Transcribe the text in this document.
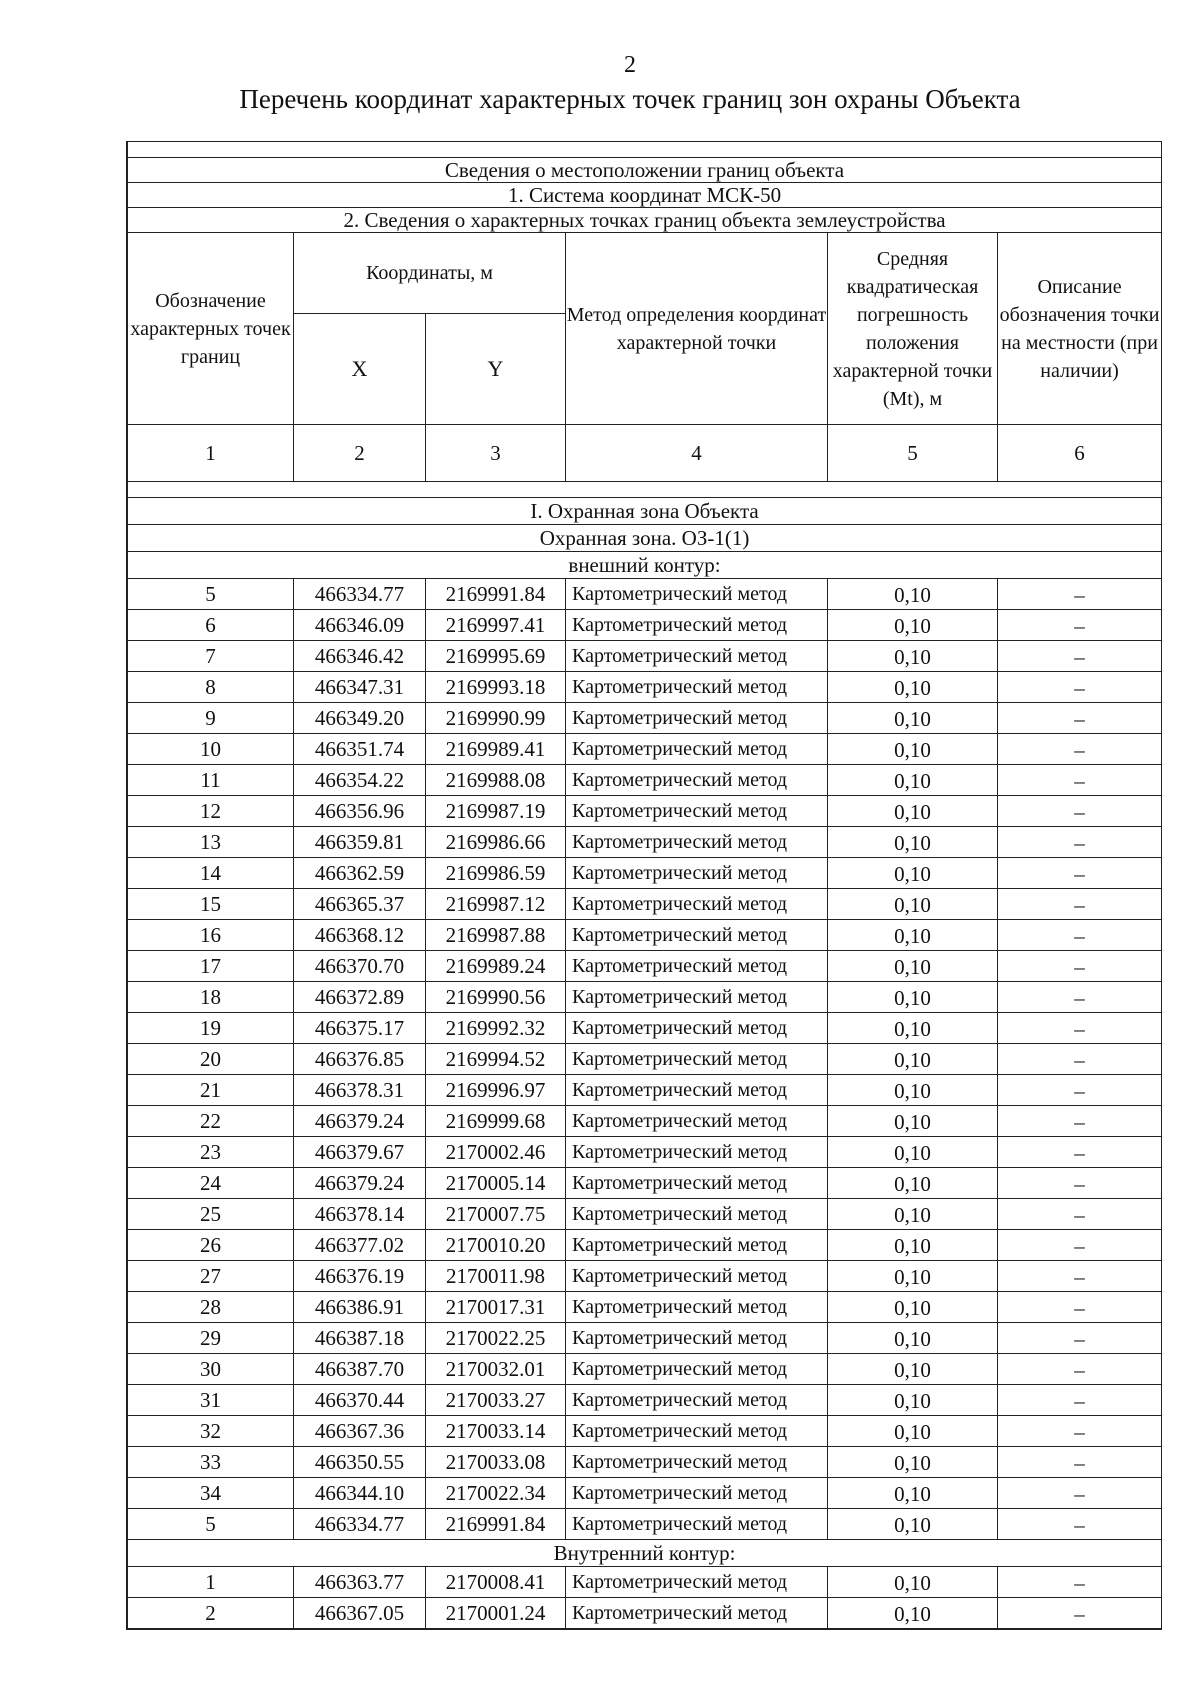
2
Перечень координат характерных точек границ зон охраны Объекта

Сведения о местоположении границ объекта					
1. Система координат МСК-50					
2. Сведения о характерных точках границ объекта землеустройства					
Обозначение характерных точек границ	Координаты, м		Метод определения координат характерной точки	Средняя квадратическая погрешность положения характерной точки (Mt), м	Описание обозначения точки на местности (при наличии)
	X	Y			
1	2	3	4	5	6

I. Охранная зона Объекта					
Охранная зона. ОЗ-1(1)					
внешний контур:					
5	466334.77	2169991.84	Картометрический метод	0,10	–
6	466346.09	2169997.41	Картометрический метод	0,10	–
7	466346.42	2169995.69	Картометрический метод	0,10	–
8	466347.31	2169993.18	Картометрический метод	0,10	–
9	466349.20	2169990.99	Картометрический метод	0,10	–
10	466351.74	2169989.41	Картометрический метод	0,10	–
11	466354.22	2169988.08	Картометрический метод	0,10	–
12	466356.96	2169987.19	Картометрический метод	0,10	–
13	466359.81	2169986.66	Картометрический метод	0,10	–
14	466362.59	2169986.59	Картометрический метод	0,10	–
15	466365.37	2169987.12	Картометрический метод	0,10	–
16	466368.12	2169987.88	Картометрический метод	0,10	–
17	466370.70	2169989.24	Картометрический метод	0,10	–
18	466372.89	2169990.56	Картометрический метод	0,10	–
19	466375.17	2169992.32	Картометрический метод	0,10	–
20	466376.85	2169994.52	Картометрический метод	0,10	–
21	466378.31	2169996.97	Картометрический метод	0,10	–
22	466379.24	2169999.68	Картометрический метод	0,10	–
23	466379.67	2170002.46	Картометрический метод	0,10	–
24	466379.24	2170005.14	Картометрический метод	0,10	–
25	466378.14	2170007.75	Картометрический метод	0,10	–
26	466377.02	2170010.20	Картометрический метод	0,10	–
27	466376.19	2170011.98	Картометрический метод	0,10	–
28	466386.91	2170017.31	Картометрический метод	0,10	–
29	466387.18	2170022.25	Картометрический метод	0,10	–
30	466387.70	2170032.01	Картометрический метод	0,10	–
31	466370.44	2170033.27	Картометрический метод	0,10	–
32	466367.36	2170033.14	Картометрический метод	0,10	–
33	466350.55	2170033.08	Картометрический метод	0,10	–
34	466344.10	2170022.34	Картометрический метод	0,10	–
5	466334.77	2169991.84	Картометрический метод	0,10	–
Внутренний контур:					
1	466363.77	2170008.41	Картометрический метод	0,10	–
2	466367.05	2170001.24	Картометрический метод	0,10	–
